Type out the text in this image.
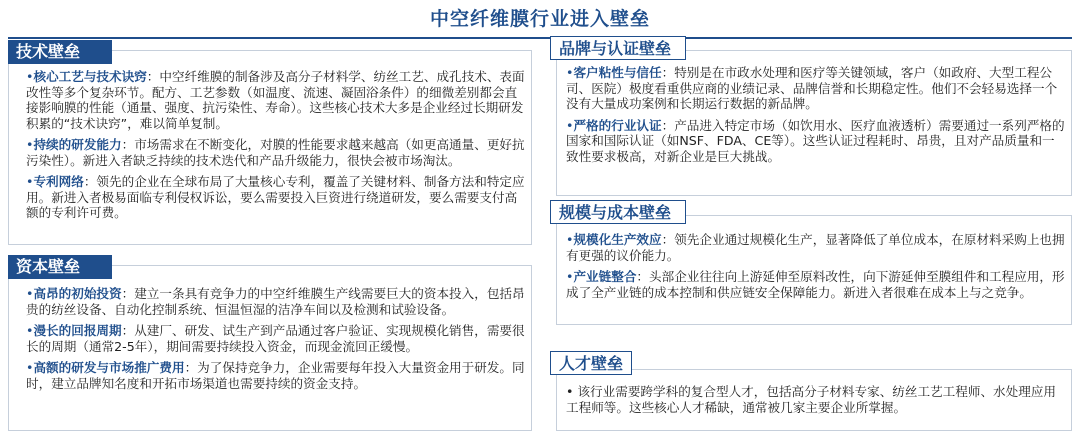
中空纤维膜行业进入壁垒
技术壁垒
•核心工艺与技术诀窍：中空纤维膜的制备涉及高分子材料学、纺丝工艺、成孔技术、表面改性等多个复杂环节。配方、工艺参数（如温度、流速、凝固浴条件）的细微差别都会直接影响膜的性能（通量、强度、抗污染性、寿命）。这些核心技术大多是企业经过长期研发积累的“技术诀窍”，难以简单复制。
•持续的研发能力：市场需求在不断变化，对膜的性能要求越来越高（如更高通量、更好抗污染性）。新进入者缺乏持续的技术迭代和产品升级能力，很快会被市场淘汰。
•专利网络：领先的企业在全球布局了大量核心专利，覆盖了关键材料、制备方法和特定应用。新进入者极易面临专利侵权诉讼，要么需要投入巨资进行绕道研发，要么需要支付高额的专利许可费。
资本壁垒
•高昂的初始投资：建立一条具有竞争力的中空纤维膜生产线需要巨大的资本投入，包括昂贵的纺丝设备、自动化控制系统、恒温恒湿的洁净车间以及检测和试验设备。
•漫长的回报周期：从建厂、研发、试生产到产品通过客户验证、实现规模化销售，需要很长的周期（通常2-5年），期间需要持续投入资金，而现金流回正缓慢。
•高额的研发与市场推广费用：为了保持竞争力，企业需要每年投入大量资金用于研发。同时，建立品牌知名度和开拓市场渠道也需要持续的资金支持。
品牌与认证壁垒
•客户粘性与信任：特别是在市政水处理和医疗等关键领域，客户（如政府、大型工程公司、医院）极度看重供应商的业绩记录、品牌信誉和长期稳定性。他们不会轻易选择一个没有大量成功案例和长期运行数据的新品牌。
•严格的行业认证：产品进入特定市场（如饮用水、医疗血液透析）需要通过一系列严格的国家和国际认证（如NSF、FDA、CE等）。这些认证过程耗时、昂贵，且对产品质量和一致性要求极高，对新企业是巨大挑战。
规模与成本壁垒
•规模化生产效应：领先企业通过规模化生产，显著降低了单位成本，在原材料采购上也拥有更强的议价能力。
•产业链整合：头部企业往往向上游延伸至原料改性，向下游延伸至膜组件和工程应用，形成了全产业链的成本控制和供应链安全保障能力。新进入者很难在成本上与之竞争。
人才壁垒
• 该行业需要跨学科的复合型人才，包括高分子材料专家、纺丝工艺工程师、水处理应用工程师等。这些核心人才稀缺，通常被几家主要企业所掌握。
